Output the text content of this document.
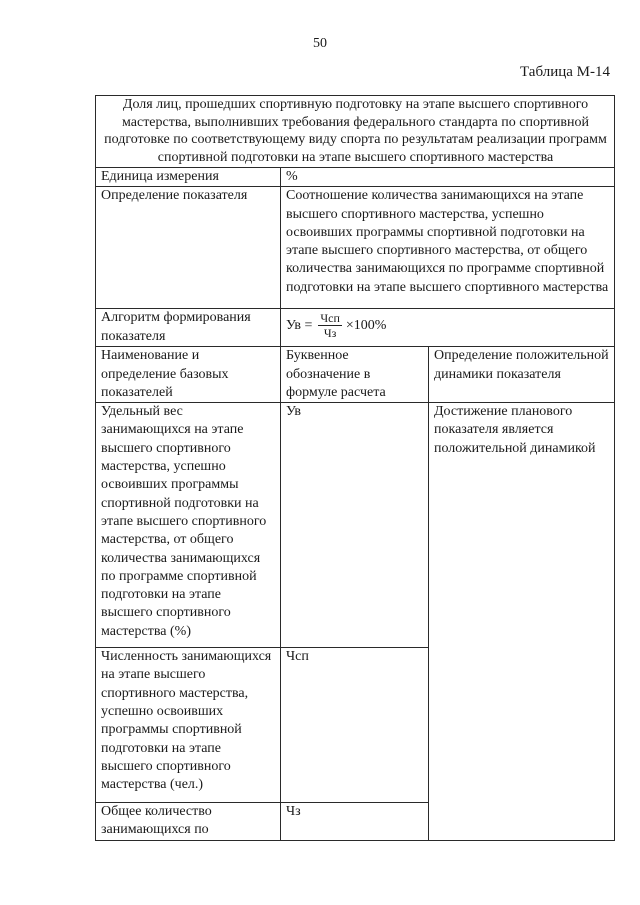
50
Таблица М-14
Доля лиц, прошедших спортивную подготовку на этапе высшего спортивного мастерства, выполнивших требования федерального стандарта по спортивной подготовке по соответствующему виду спорта по результатам реализации программ спортивной подготовки на этапе высшего спортивного мастерства		
Единица измерения	%	
Определение показателя	Соотношение количества занимающихся на этапе высшего спортивного мастерства, успешно освоивших программы спортивной подготовки на этапе высшего спортивного мастерства, от общего количества занимающихся по программе спортивной подготовки на этапе высшего спортивного мастерства	
Алгоритм формирования показателя	Ув = $\frac{\text{Чсп}}{Чз} \times 100\%$	

Наименование и определение базовых показателей	Буквенное обозначение в формуле расчета	Определение положительной динамики показателя
Удельный вес занимающихся на этапе высшего спортивного мастерства, успешно освоивших программы спортивной подготовки на этапе высшего спортивного мастерства, от общего количества занимающихся по программе спортивной подготовки на этапе высшего спортивного мастерства (%)	Ув	Достижение планового показателя является положительной динамикой
Численность занимающихся на этапе высшего спортивного мастерства, успешно освоивших программы спортивной подготовки на этапе высшего спортивного мастерства (чел.)	Чсп	
Общее количество занимающихся по	Чз	
